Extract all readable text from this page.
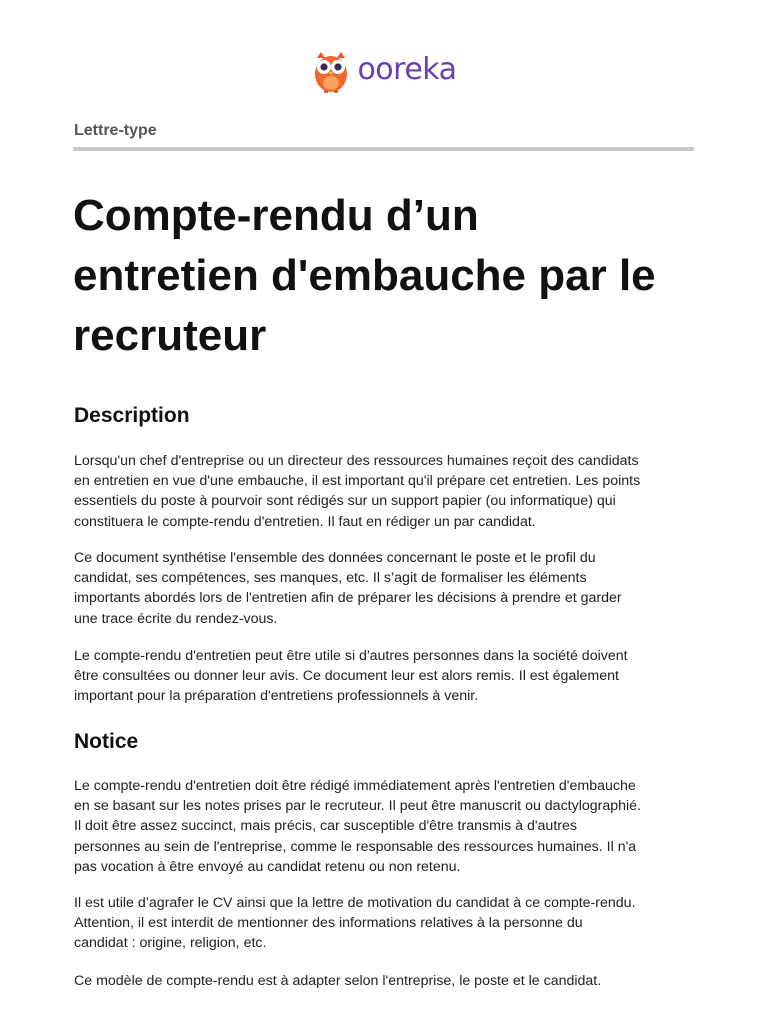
ooreka
Lettre-type
Compte-rendu d’un
entretien d'embauche par le
recruteur
Description

Lorsqu'un chef d'entreprise ou un directeur des ressources humaines reçoit des candidats
en entretien en vue d'une embauche, il est important qu'il prépare cet entretien. Les points
essentiels du poste à pourvoir sont rédigés sur un support papier (ou informatique) qui
constituera le compte-rendu d'entretien. Il faut en rédiger un par candidat.

Ce document synthétise l'ensemble des données concernant le poste et le profil du
candidat, ses compétences, ses manques, etc. Il s’agit de formaliser les éléments
importants abordés lors de l'entretien afin de préparer les décisions à prendre et garder
une trace écrite du rendez-vous.

Le compte-rendu d'entretien peut être utile si d'autres personnes dans la société doivent
être consultées ou donner leur avis. Ce document leur est alors remis. Il est également
important pour la préparation d'entretiens professionnels à venir.

Notice

Le compte-rendu d'entretien doit être rédigé immédiatement après l'entretien d'embauche
en se basant sur les notes prises par le recruteur. Il peut être manuscrit ou dactylographié.
Il doit être assez succinct, mais précis, car susceptible d'être transmis à d'autres
personnes au sein de l'entreprise, comme le responsable des ressources humaines. Il n'a
pas vocation à être envoyé au candidat retenu ou non retenu.

Il est utile d’agrafer le CV ainsi que la lettre de motivation du candidat à ce compte-rendu.
Attention, il est interdit de mentionner des informations relatives à la personne du
candidat : origine, religion, etc.

Ce modèle de compte-rendu est à adapter selon l'entreprise, le poste et le candidat.
